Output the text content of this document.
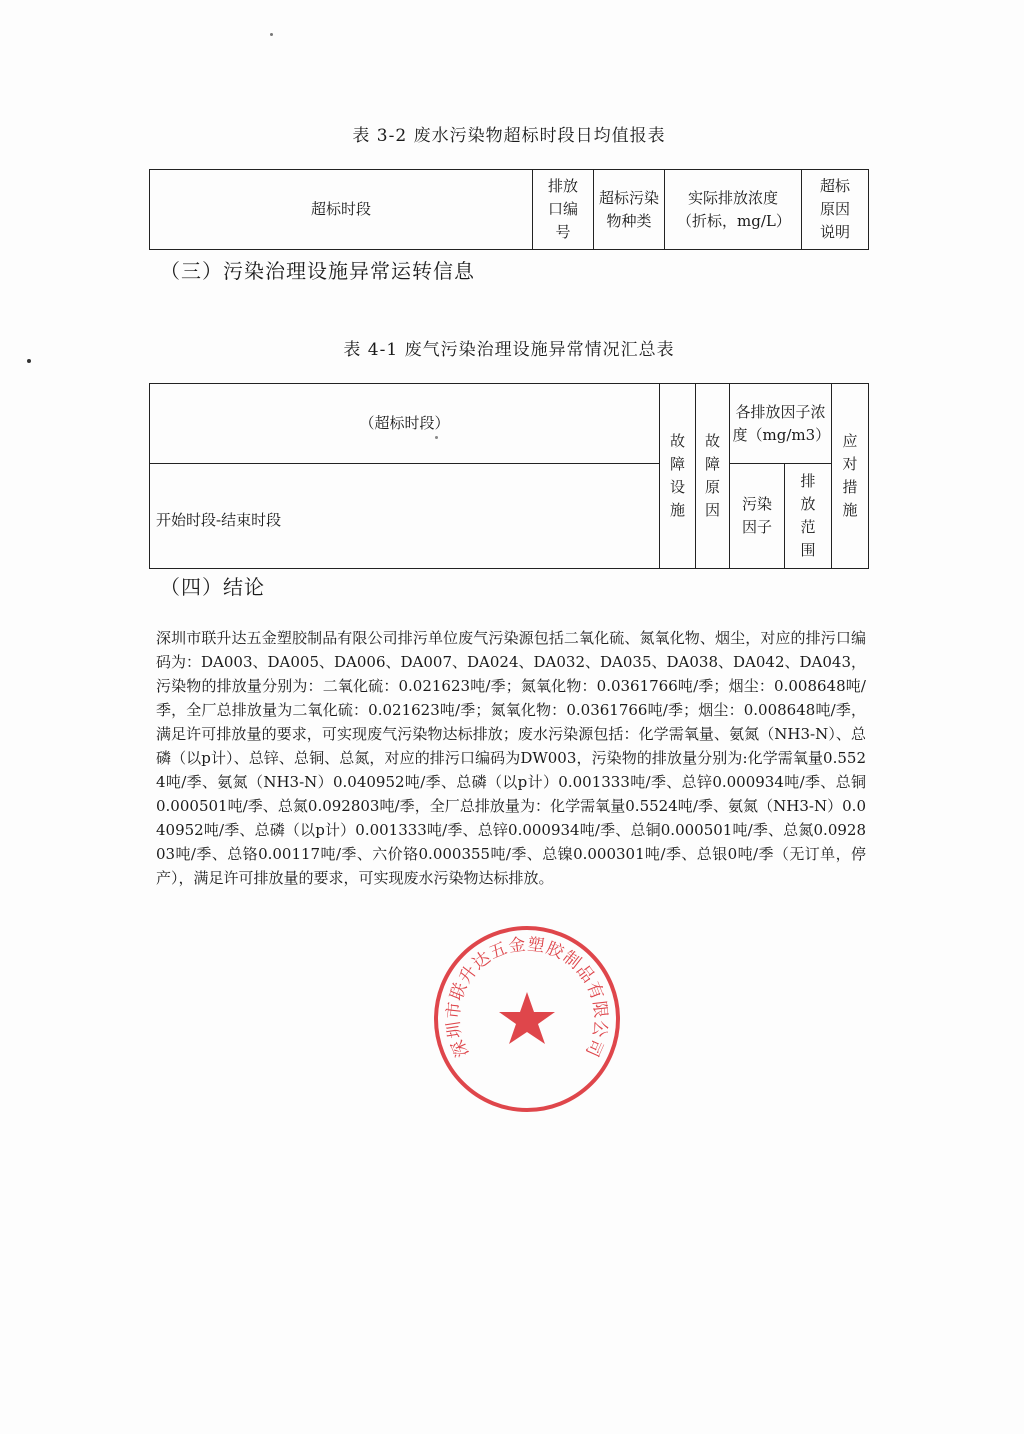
表 3-2 废水污染物超标时段日均值报表
超标时段	排放口编号	超标污染物种类	实际排放浓度（折标，mg/L）	超标原因说明
（三）污染治理设施异常运转信息
表 4-1 废气污染治理设施异常情况汇总表
（超标时段）	故障设施	故障原因	各排放因子浓度（mg/m3）		应对措施
开始时段-结束时段			污染因子	排放范围	
（四）结论
深圳市联升达五金塑胶制品有限公司排污单位废气污染源包括二氧化硫、氮氧化物、烟尘，对应的排污口编码为：DA003、DA005、DA006、DA007、DA024、DA032、DA035、DA038、DA042、DA043，污染物的排放量分别为：二氧化硫：0.021623吨/季；氮氧化物：0.0361766吨/季；烟尘：0.008648吨/季，全厂总排放量为二氧化硫：0.021623吨/季；氮氧化物：0.0361766吨/季；烟尘：0.008648吨/季，满足许可排放量的要求，可实现废气污染物达标排放；废水污染源包括：化学需氧量、氨氮（NH3-N）、总磷（以p计）、总锌、总铜、总氮，对应的排污口编码为DW003，污染物的排放量分别为:化学需氧量0.5524吨/季、氨氮（NH3-N）0.040952吨/季、总磷（以p计）0.001333吨/季、总锌0.000934吨/季、总铜0.000501吨/季、总氮0.092803吨/季，全厂总排放量为：化学需氧量0.5524吨/季、氨氮（NH3-N）0.040952吨/季、总磷（以p计）0.001333吨/季、总锌0.000934吨/季、总铜0.000501吨/季、总氮0.092803吨/季、总铬0.00117吨/季、六价铬0.000355吨/季、总镍0.000301吨/季、总银0吨/季（无订单，停产），满足许可排放量的要求，可实现废水污染物达标排放。
深圳市联升达五金塑胶制品有限公司
